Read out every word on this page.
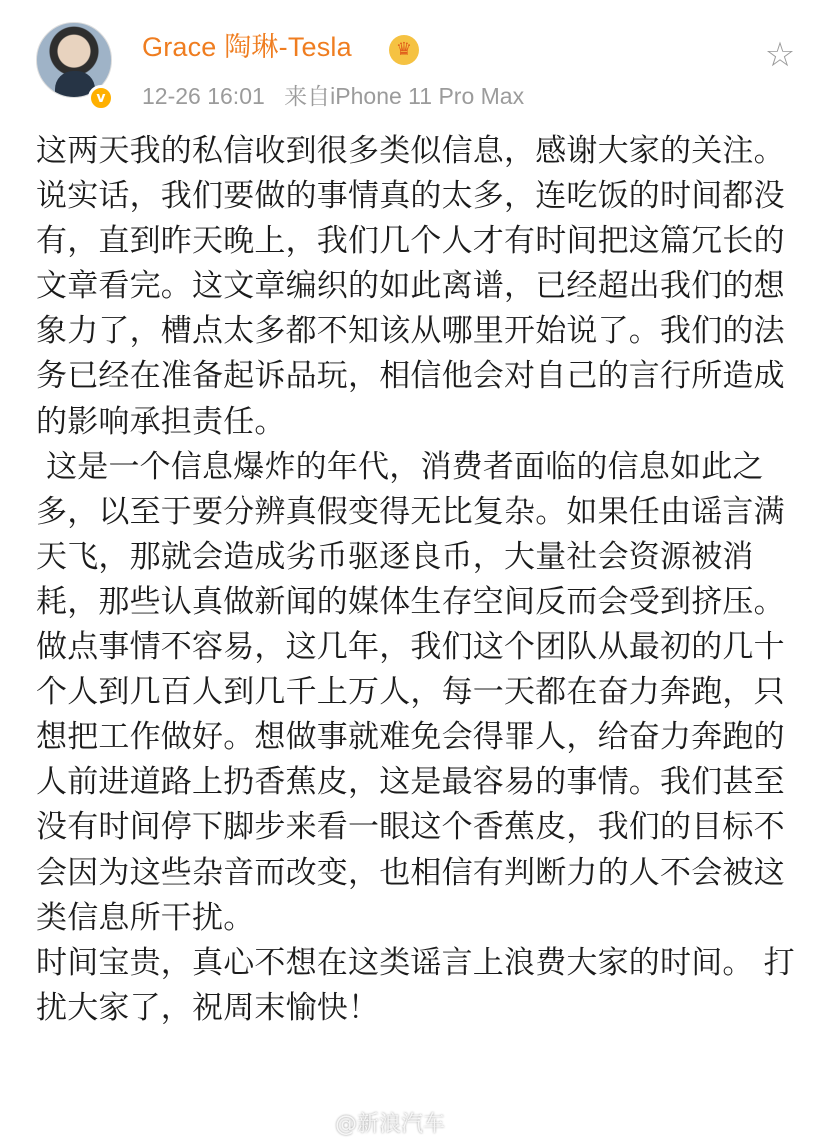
v
Grace 陶琳-Tesla	♛
12-26 16:01 来自iPhone 11 Pro Max
☆
这两天我的私信收到很多类似信息，感谢大家的关注。 说实话，我们要做的事情真的太多，连吃饭的时间都没有，直到昨天晚上，我们几个人才有时间把这篇冗长的文章看完。这文章编织的如此离谱，已经超出我们的想象力了，槽点太多都不知该从哪里开始说了。我们的法务已经在准备起诉品玩，相信他会对自己的言行所造成的影响承担责任。
这是一个信息爆炸的年代，消费者面临的信息如此之多，以至于要分辨真假变得无比复杂。如果任由谣言满天飞，那就会造成劣币驱逐良币，大量社会资源被消耗，那些认真做新闻的媒体生存空间反而会受到挤压。
做点事情不容易，这几年，我们这个团队从最初的几十个人到几百人到几千上万人，每一天都在奋力奔跑，只想把工作做好。想做事就难免会得罪人，给奋力奔跑的人前进道路上扔香蕉皮，这是最容易的事情。我们甚至没有时间停下脚步来看一眼这个香蕉皮，我们的目标不会因为这些杂音而改变，也相信有判断力的人不会被这类信息所干扰。
时间宝贵，真心不想在这类谣言上浪费大家的时间。 打扰大家了，祝周末愉快！
@新浪汽车
